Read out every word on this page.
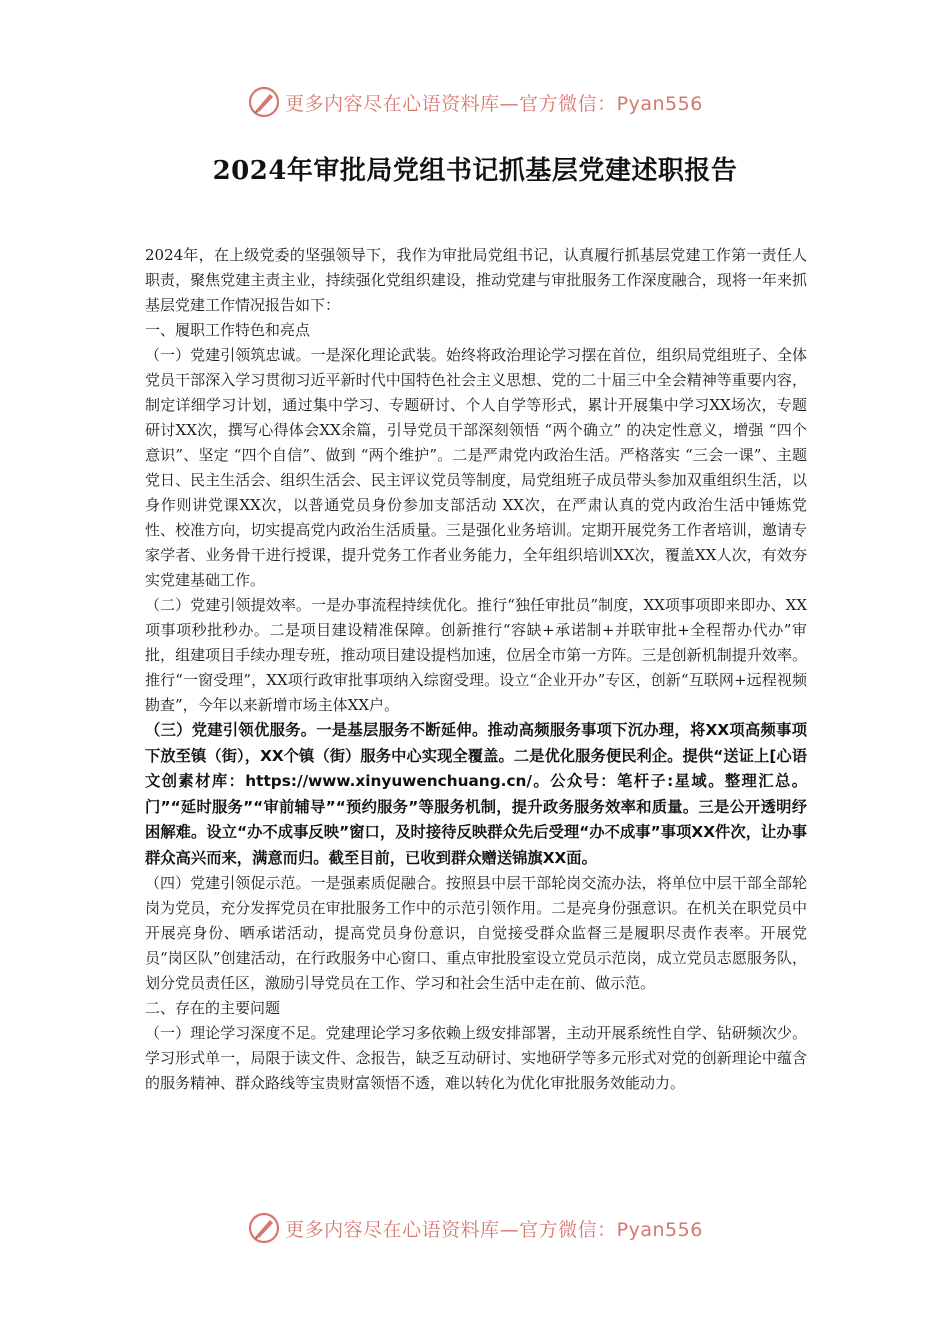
更多内容尽在心语资料库—官方微信：Pyan556
2024年审批局党组书记抓基层党建述职报告

2024年，在上级党委的坚强领导下，我作为审批局党组书记，认真履行抓基层党建工作第一责任人职责，聚焦党建主责主业，持续强化党组织建设，推动党建与审批服务工作深度融合，现将一年来抓基层党建工作情况报告如下：

一、履职工作特色和亮点

（一）党建引领筑忠诚。一是深化理论武装。始终将政治理论学习摆在首位，组织局党组班子、全体党员干部深入学习贯彻习近平新时代中国特色社会主义思想、党的二十届三中全会精神等重要内容，制定详细学习计划，通过集中学习、专题研讨、个人自学等形式，累计开展集中学习XX场次，专题研讨XX次，撰写心得体会XX余篇，引导党员干部深刻领悟 “两个确立” 的决定性意义，增强 “四个意识”、坚定 “四个自信”、做到 “两个维护”。二是严肃党内政治生活。严格落实 “三会一课”、主题党日、民主生活会、组织生活会、民主评议党员等制度，局党组班子成员带头参加双重组织生活，以身作则讲党课XX次，以普通党员身份参加支部活动 XX次，在严肃认真的党内政治生活中锤炼党性、校准方向，切实提高党内政治生活质量。三是强化业务培训。定期开展党务工作者培训，邀请专家学者、业务骨干进行授课，提升党务工作者业务能力，全年组织培训XX次，覆盖XX人次，有效夯实党建基础工作。

（二）党建引领提效率。一是办事流程持续优化。推行“独任审批员”制度，XX项事项即来即办、XX项事项秒批秒办。二是项目建设精准保障。创新推行“容缺+承诺制+并联审批+全程帮办代办”审批，组建项目手续办理专班，推动项目建设提档加速，位居全市第一方阵。三是创新机制提升效率。推行“一窗受理”，XX项行政审批事项纳入综窗受理。设立“企业开办”专区，创新“互联网+远程视频勘查”，今年以来新增市场主体XX户。

（三）党建引领优服务。一是基层服务不断延伸。推动高频服务事项下沉办理，将XX项高频事项下放至镇（街），XX个镇（街）服务中心实现全覆盖。二是优化服务便民利企。提供“送证上[心语文创素材库：https://www.xinyuwenchuang.cn/。公众号：笔杆子:星域。整理汇总。门”“延时服务”“审前辅导”“预约服务”等服务机制，提升政务服务效率和质量。三是公开透明纾困解难。设立“办不成事反映”窗口，及时接待反映群众先后受理“办不成事”事项XX件次，让办事群众高兴而来，满意而归。截至目前，已收到群众赠送锦旗XX面。

（四）党建引领促示范。一是强素质促融合。按照县中层干部轮岗交流办法，将单位中层干部全部轮岗为党员，充分发挥党员在审批服务工作中的示范引领作用。二是亮身份强意识。在机关在职党员中开展亮身份、晒承诺活动，提高党员身份意识，自觉接受群众监督三是履职尽责作表率。开展党员“岗区队”创建活动，在行政服务中心窗口、重点审批股室设立党员示范岗，成立党员志愿服务队，划分党员责任区，激励引导党员在工作、学习和社会生活中走在前、做示范。

二、存在的主要问题

（一）理论学习深度不足。党建理论学习多依赖上级安排部署，主动开展系统性自学、钻研频次少。学习形式单一，局限于读文件、念报告，缺乏互动研讨、实地研学等多元形式对党的创新理论中蕴含的服务精神、群众路线等宝贵财富领悟不透，难以转化为优化审批服务效能动力。

更多内容尽在心语资料库—官方微信：Pyan556
